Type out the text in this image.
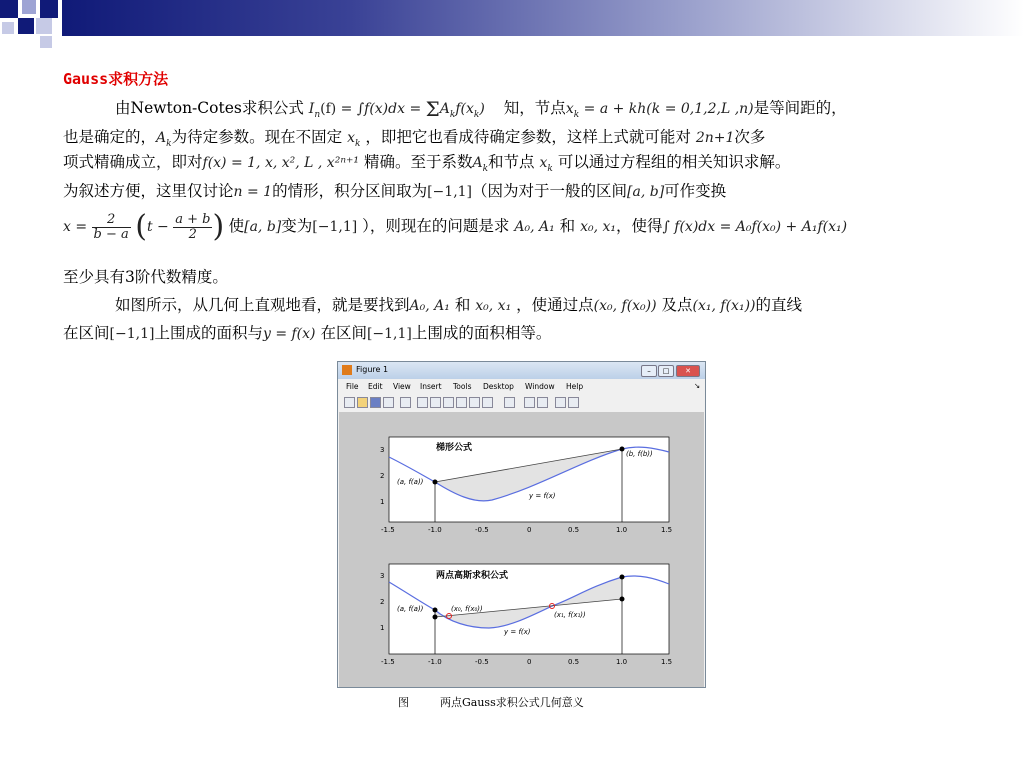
Gauss求积方法
由Newton-Cotes求积公式 $I_n(f) = \int f(x)dx = \Sigma A_kf(x_k)$ 知，节点$x_k = a + kh(k = 0,1,2,L$ ,n)是等间距的，
也是确定的，$A_k$为待定参数。现在不固定 $x_k$ ，即把它也看成待确定参数，这样上式就可能对 2n+1次多
项式精确成立，即对f(x) = 1, x, x², L , x²ⁿ⁺¹ 精确。至于系数$A_k$和节点 $x_k$ 可以通过方程组的相关知识求解。
为叙述方便，这里仅讨论n = 1的情形，积分区间取为[−1,1]（因为对于一般的区间[a, b]可作变换
$x = \frac{2}{b - a} (t - \frac{a + b}{2}$ ) 使[a, b]变为[−1,1] ），则现在的问题是求 A₀, A₁ 和 x₀, x₁，使得∫ f(x)dx = A₀f(x₀) + A₁f(x₁)
至少具有3阶代数精度。
如图所示，从几何上直观地看，就是要找到A₀, A₁ 和 x₀, x₁ ，使通过点(x₀, f(x₀)) 及点(x₁, f(x₁))的直线
在区间[−1,1]上围成的面积与y = f(x) 在区间[−1,1]上围成的面积相等。
Figure 1	–	□	✕
File Edit View Insert Tools Desktop Window Help	↘
梯形公式
(a, f(a))
(b, f(b))
y = f(x)
3
2
1
-1.5	-1.0	-0.5	0	0.5	1.0	1.5
两点高斯求积公式
(a, f(a))	(x₀, f(x₀))
(x₁, f(x₁))
y = f(x)
3
2
1
-1.5	-1.0	-0.5	0	0.5	1.0	1.5
图	两点Gauss求积公式几何意义
